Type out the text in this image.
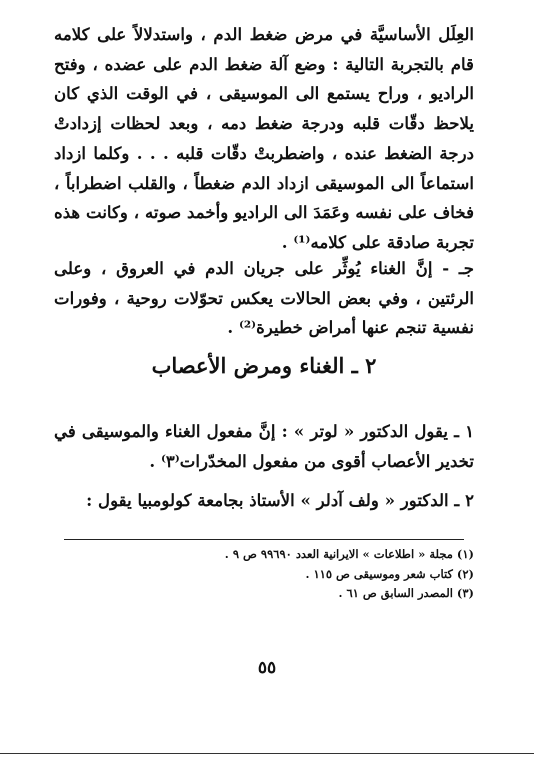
العِلَل الأساسيَّة في مرض ضغط الدم ، واستدلالاً على كلامه قام بالتجربة التالية : وضع آلة ضغط الدم على عضده ، وفتح الراديو ، وراح يستمع الى الموسيقى ، في الوقت الذي كان يلاحظ دقّات قلبه ودرجة ضغط دمه ، وبعد لحظات إزدادتْ درجة الضغط عنده ، واضطربتْ دقّات قلبه . . . وكلما ازداد استماعاً الى الموسيقى ازداد الدم ضغطاً ، والقلب اضطراباً ، فخاف على نفسه وعَمَدَ الى الراديو وأخمد صوته ، وكانت هذه تجربة صادقة على كلامه⁽¹⁾ .
جـ - إنَّ الغناء يُوثِّر على جريان الدم في العروق ، وعلى الرئتين ، وفي بعض الحالات يعكس تحوّلات روحية ، وفورات نفسية تنجم عنها أمراض خطيرة⁽²⁾ .
٢ ـ الغناء ومرض الأعصاب
١ ـ يقول الدكتور « لوتر » : إنَّ مفعول الغناء والموسيقى في تخدير الأعصاب أقوى من مفعول المخدّرات⁽٣⁾ .
٢ ـ الدكتور « ولف آدلر » الأستاذ بجامعة كولومبيا يقول :
(١) مجلة « اطلاعات » الايرانية العدد ٩٩٦٩٠ ص ٩ .
(٢) كتاب شعر وموسيقى ص ١١٥ .
(٣) المصدر السابق ص ٦١ .
٥٥
